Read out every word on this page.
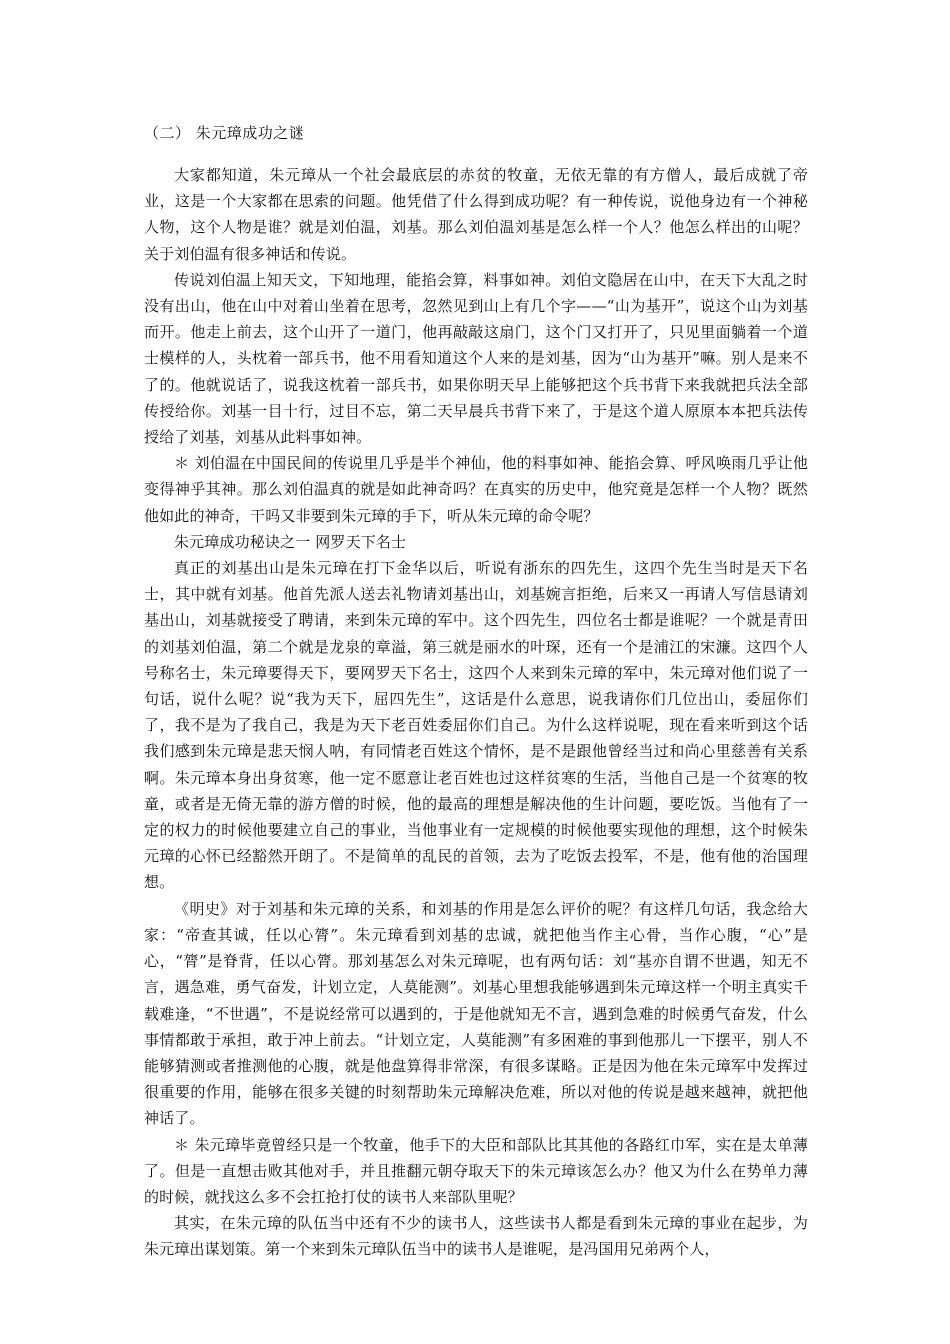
（二） 朱元璋成功之谜

大家都知道，朱元璋从一个社会最底层的赤贫的牧童，无依无靠的有方僧人，最后成就了帝业，这是一个大家都在思索的问题。他凭借了什么得到成功呢？有一种传说，说他身边有一个神秘人物，这个人物是谁？就是刘伯温，刘基。那么刘伯温刘基是怎么样一个人？他怎么样出的山呢？关于刘伯温有很多神话和传说。

传说刘伯温上知天文，下知地理，能掐会算，料事如神。刘伯文隐居在山中，在天下大乱之时没有出山，他在山中对着山坐着在思考，忽然见到山上有几个字——“山为基开”，说这个山为刘基而开。他走上前去，这个山开了一道门，他再敲敲这扇门，这个门又打开了，只见里面躺着一个道士模样的人，头枕着一部兵书，他不用看知道这个人来的是刘基，因为“山为基开”嘛。别人是来不了的。他就说话了，说我这枕着一部兵书，如果你明天早上能够把这个兵书背下来我就把兵法全部传授给你。刘基一目十行，过目不忘，第二天早晨兵书背下来了，于是这个道人原原本本把兵法传授给了刘基，刘基从此料事如神。

＊ 刘伯温在中国民间的传说里几乎是半个神仙，他的料事如神、能掐会算、呼风唤雨几乎让他变得神乎其神。那么刘伯温真的就是如此神奇吗？在真实的历史中，他究竟是怎样一个人物？既然他如此的神奇，干吗又非要到朱元璋的手下，听从朱元璋的命令呢？

朱元璋成功秘诀之一 网罗天下名士

真正的刘基出山是朱元璋在打下金华以后，听说有浙东的四先生，这四个先生当时是天下名士，其中就有刘基。他首先派人送去礼物请刘基出山，刘基婉言拒绝，后来又一再请人写信恳请刘基出山，刘基就接受了聘请，来到朱元璋的军中。这个四先生，四位名士都是谁呢？一个就是青田的刘基刘伯温，第二个就是龙泉的章溢，第三就是丽水的叶琛，还有一个是浦江的宋濂。这四个人号称名士，朱元璋要得天下，要网罗天下名士，这四个人来到朱元璋的军中，朱元璋对他们说了一句话，说什么呢？说“我为天下，屈四先生”，这话是什么意思，说我请你们几位出山，委屈你们了，我不是为了我自己，我是为天下老百姓委屈你们自己。为什么这样说呢，现在看来听到这个话我们感到朱元璋是悲天悯人呐，有同情老百姓这个情怀，是不是跟他曾经当过和尚心里慈善有关系啊。朱元璋本身出身贫寒，他一定不愿意让老百姓也过这样贫寒的生活，当他自己是一个贫寒的牧童，或者是无倚无靠的游方僧的时候，他的最高的理想是解决他的生计问题，要吃饭。当他有了一定的权力的时候他要建立自己的事业，当他事业有一定规模的时候他要实现他的理想，这个时候朱元璋的心怀已经豁然开朗了。不是简单的乱民的首领，去为了吃饭去投军，不是，他有他的治国理想。

《明史》对于刘基和朱元璋的关系，和刘基的作用是怎么评价的呢？有这样几句话，我念给大家：“帝查其诚，任以心膂”。朱元璋看到刘基的忠诚，就把他当作主心骨，当作心腹，“心”是心，“膂”是脊背，任以心膂。那刘基怎么对朱元璋呢，也有两句话：刘“基亦自谓不世遇，知无不言，遇急难，勇气奋发，计划立定，人莫能测”。刘基心里想我能够遇到朱元璋这样一个明主真实千载难逢，“不世遇”，不是说经常可以遇到的，于是他就知无不言，遇到急难的时候勇气奋发，什么事情都敢于承担，敢于冲上前去。“计划立定，人莫能测”有多困难的事到他那儿一下摆平，别人不能够猜测或者推测他的心腹，就是他盘算得非常深，有很多谋略。正是因为他在朱元璋军中发挥过很重要的作用，能够在很多关键的时刻帮助朱元璋解决危难，所以对他的传说是越来越神，就把他神话了。

＊ 朱元璋毕竟曾经只是一个牧童，他手下的大臣和部队比其其他的各路红巾军，实在是太单薄了。但是一直想击败其他对手，并且推翻元朝夺取天下的朱元璋该怎么办？他又为什么在势单力薄的时候，就找这么多不会扛抢打仗的读书人来部队里呢？

其实，在朱元璋的队伍当中还有不少的读书人，这些读书人都是看到朱元璋的事业在起步，为朱元璋出谋划策。第一个来到朱元璋队伍当中的读书人是谁呢，是冯国用兄弟两个人，
